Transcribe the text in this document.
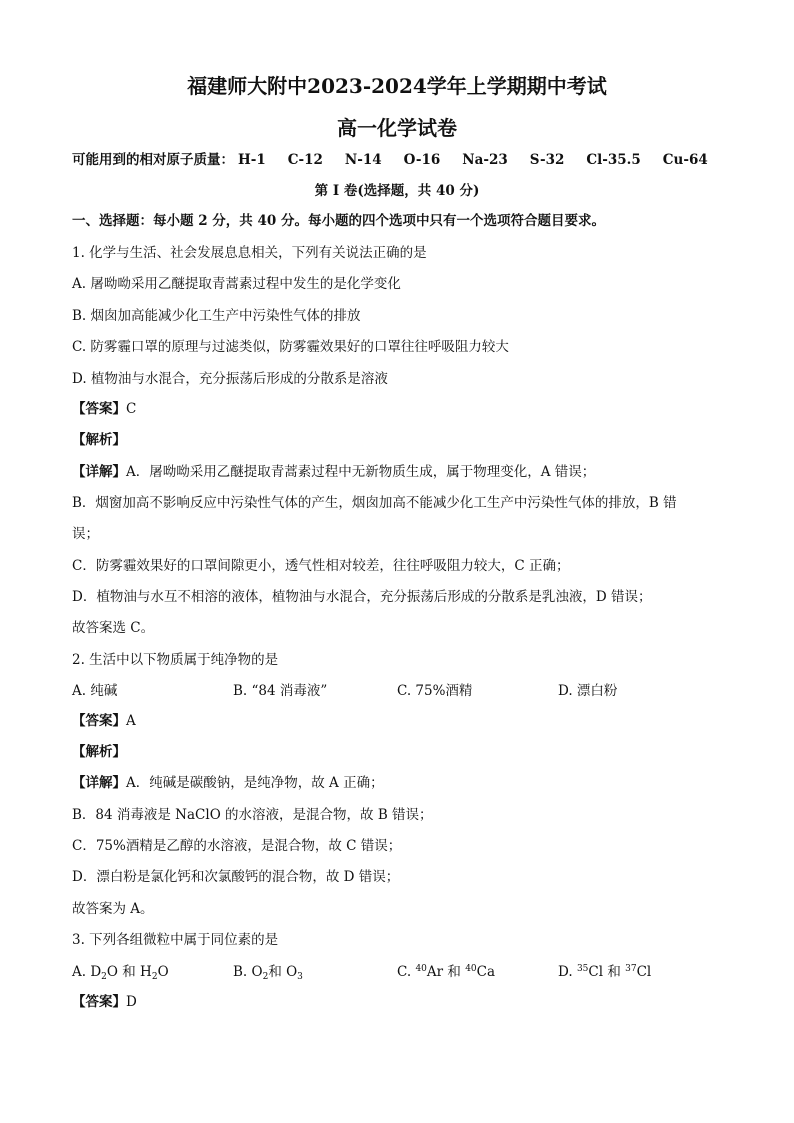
福建师大附中2023-2024学年上学期期中考试
高一化学试卷
可能用到的相对原子质量： H-1 C-12 N-14 O-16 Na-23 S-32 Cl-35.5 Cu-64
第 I 卷(选择题，共 40 分)
一、选择题：每小题 2 分，共 40 分。每小题的四个选项中只有一个选项符合题目要求。
1. 化学与生活、社会发展息息相关，下列有关说法正确的是
A. 屠呦呦采用乙醚提取青蒿素过程中发生的是化学变化
B. 烟囱加高能减少化工生产中污染性气体的排放
C. 防雾霾口罩的原理与过滤类似，防雾霾效果好的口罩往往呼吸阻力较大
D. 植物油与水混合，充分振荡后形成的分散系是溶液
【答案】C
【解析】
【详解】A．屠呦呦采用乙醚提取青蒿素过程中无新物质生成，属于物理变化，A 错误；
B．烟窗加高不影响反应中污染性气体的产生，烟囱加高不能减少化工生产中污染性气体的排放，B 错
误；
C．防雾霾效果好的口罩间隙更小，透气性相对较差，往往呼吸阻力较大，C 正确；
D．植物油与水互不相溶的液体，植物油与水混合，充分振荡后形成的分散系是乳浊液，D 错误；
故答案选 C。
2. 生活中以下物质属于纯净物的是
A. 纯碱	B. “84 消毒液”	C. 75%酒精	D. 漂白粉
【答案】A
【解析】
【详解】A．纯碱是碳酸钠，是纯净物，故 A 正确；
B．84 消毒液是 NaClO 的水溶液，是混合物，故 B 错误；
C．75%酒精是乙醇的水溶液，是混合物，故 C 错误；
D．漂白粉是氯化钙和次氯酸钙的混合物，故 D 错误；
故答案为 A。
3. 下列各组微粒中属于同位素的是
A. $D_2O$ 和 $H_2O$	B. $O_2$和 $O_3$	C. $^{40}$Ar 和 $^{40}$Ca	D. $^{35}$Cl 和 $^{37}$Cl
【答案】D
